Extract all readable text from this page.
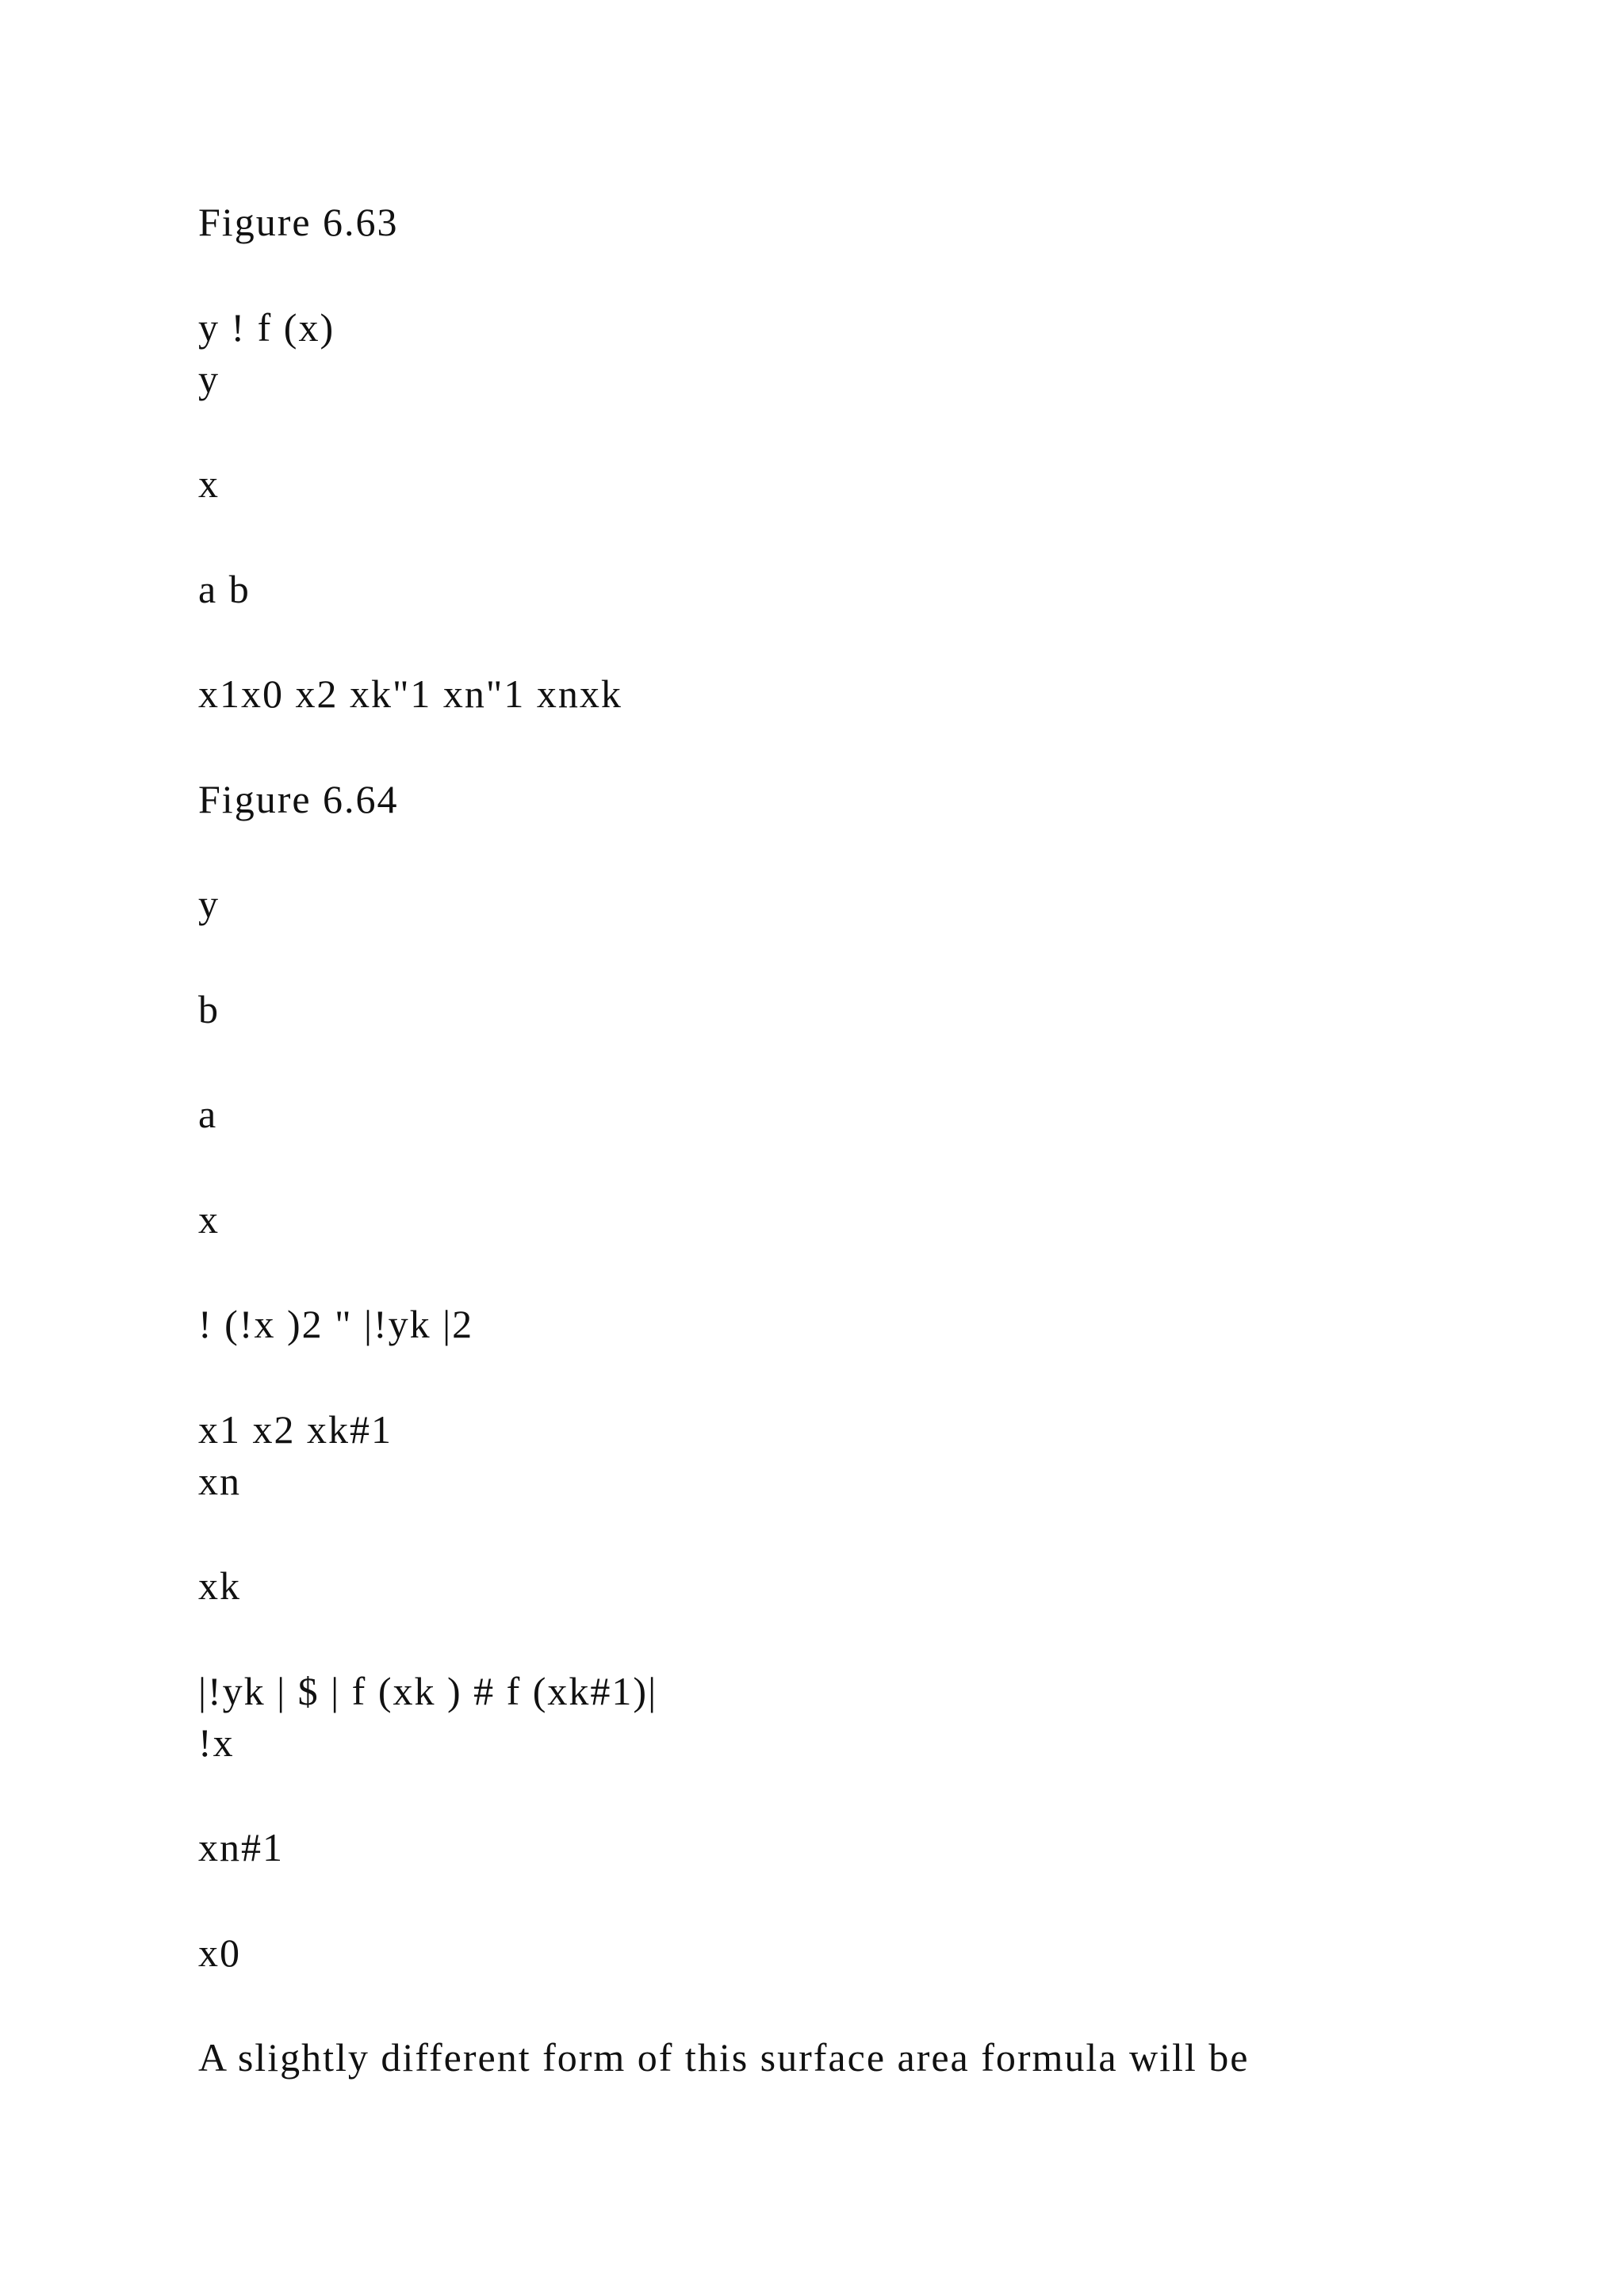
Figure 6.63
y ! f (x)
y
x
a b
x1x0 x2 xk"1 xn"1 xnxk
Figure 6.64
y
b
a
x
! (!x )2 " |!yk |2
x1 x2 xk#1
xn
xk
|!yk | $ | f (xk ) # f (xk#1)|
!x
xn#1
x0
A slightly different form of this surface area formula will be
